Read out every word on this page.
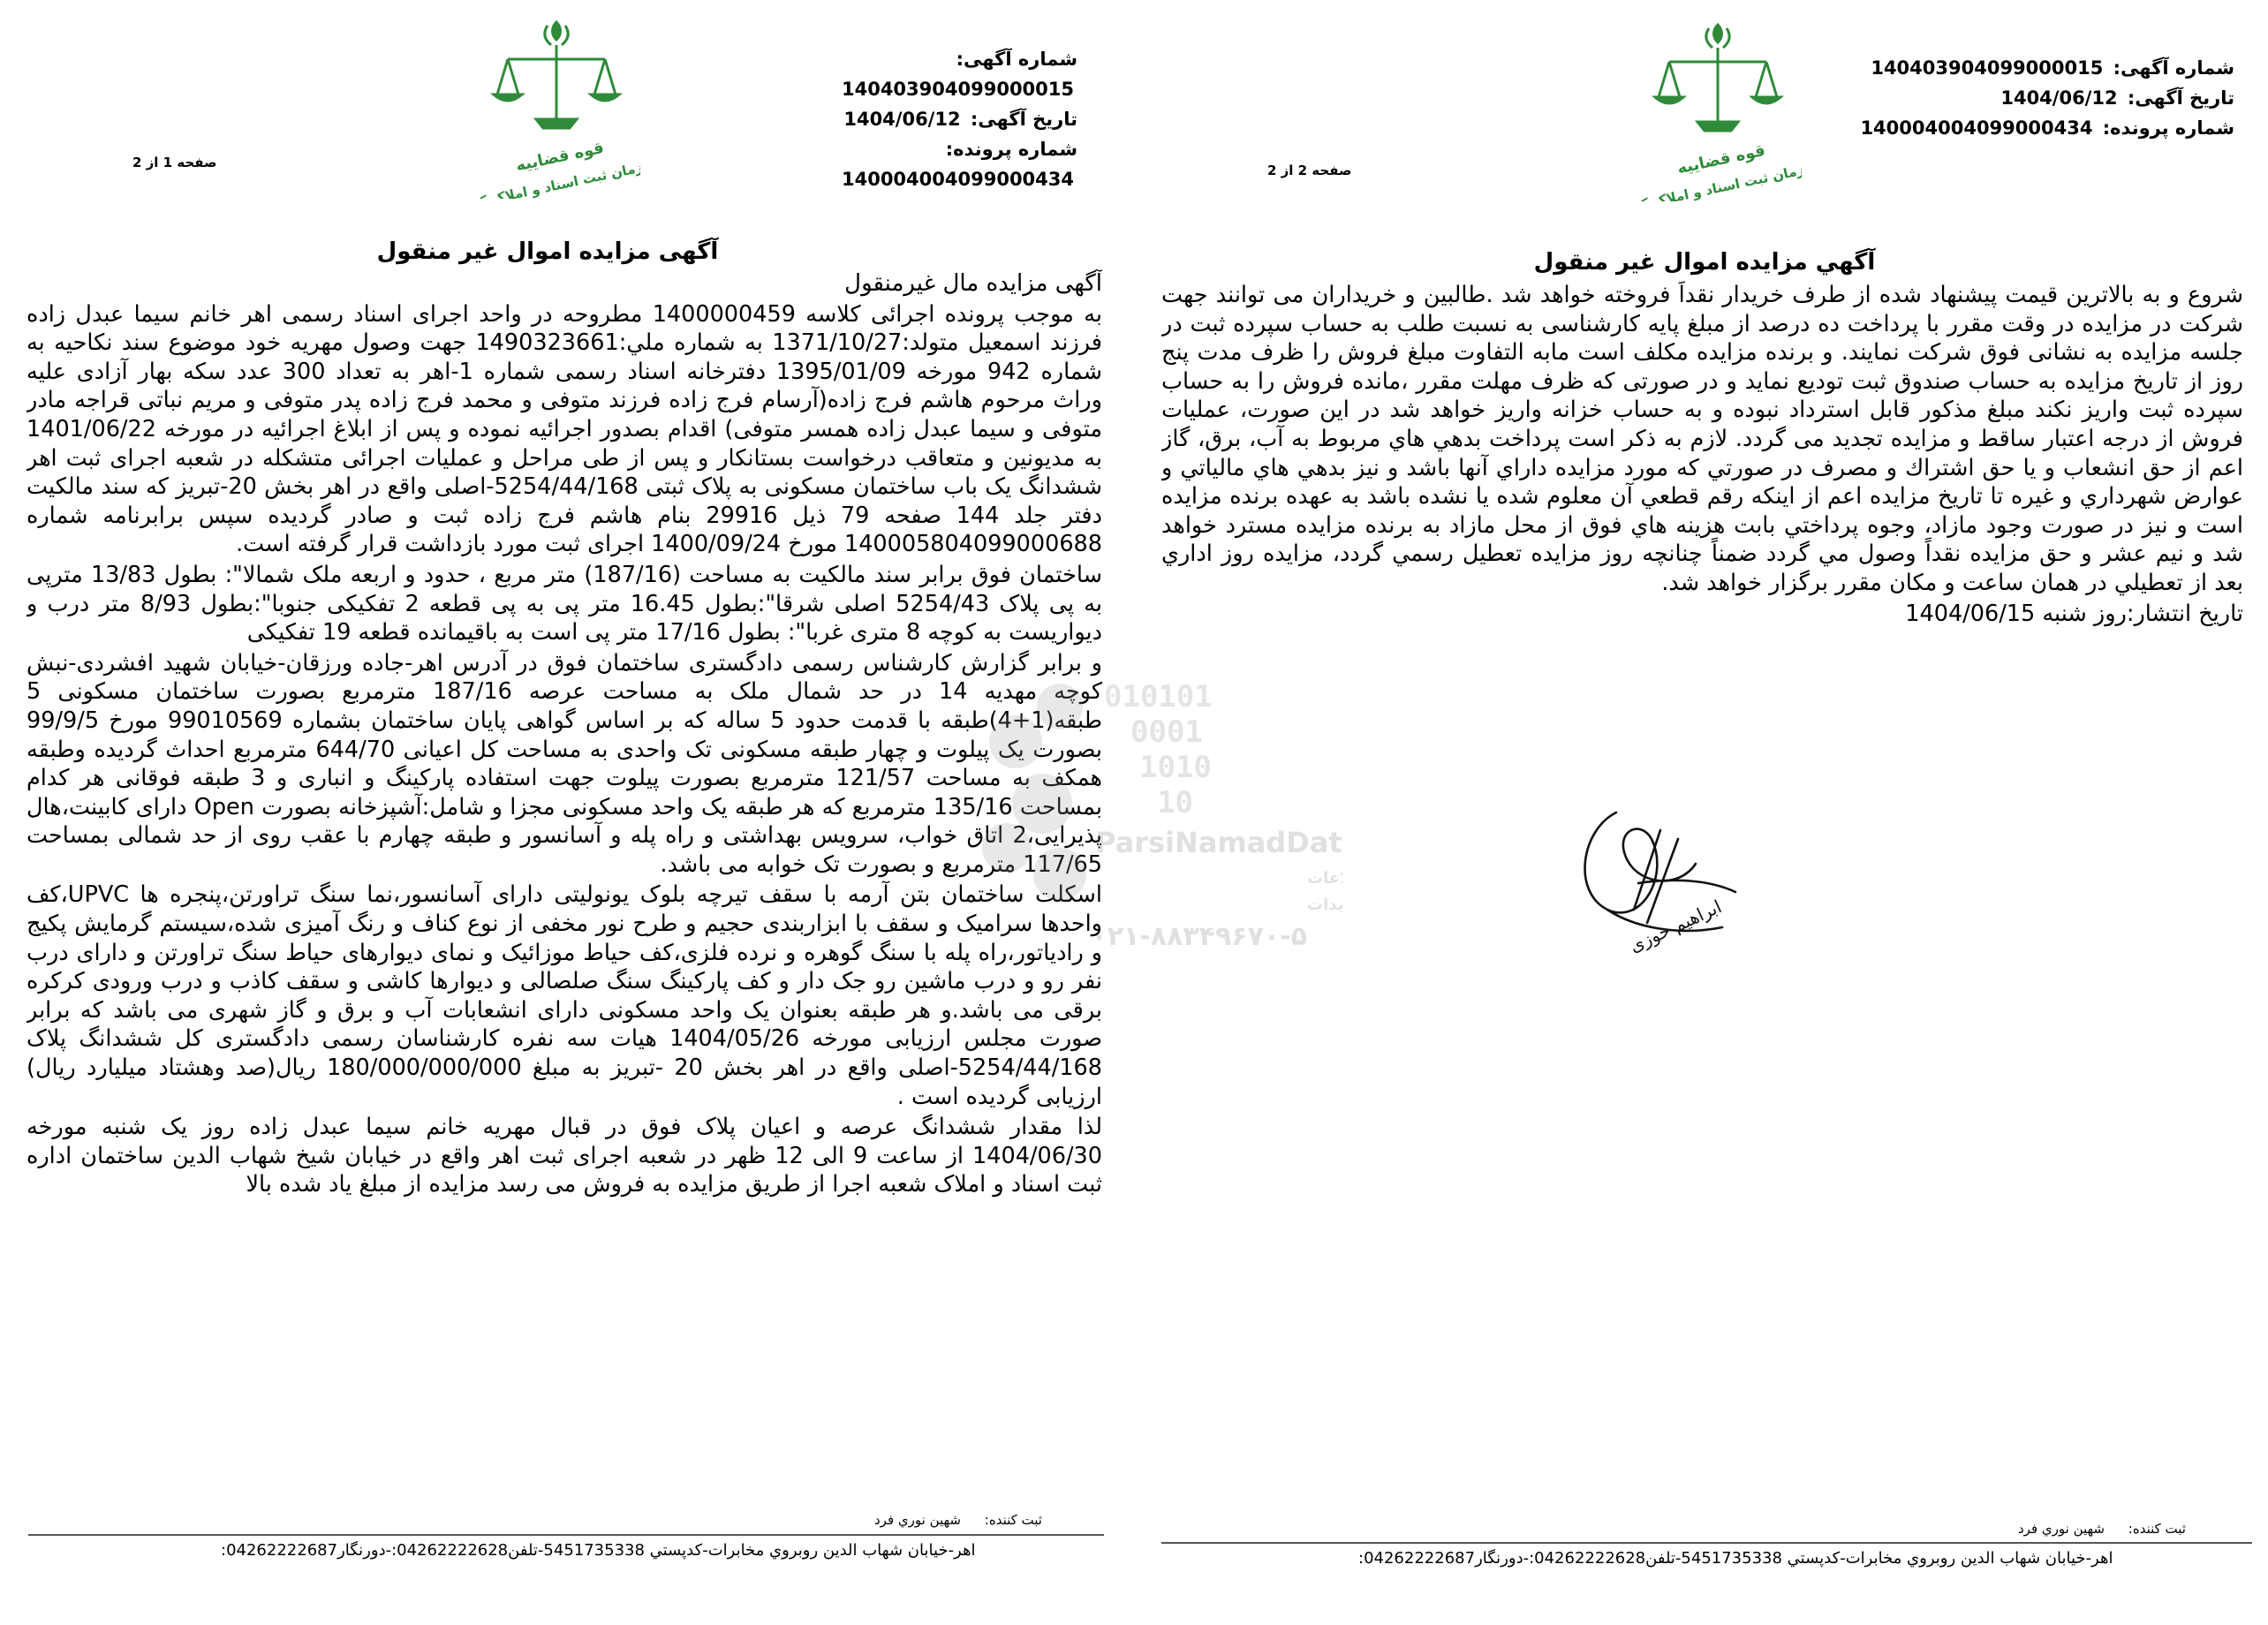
شماره آگهی: 140403904099000015
تاریخ آگهی: 1404/06/12
شماره پرونده: 140004004099000434
قوه قضاییه سازمان ثبت اسناد و املاک
صفحه 1 از 2
آگهی مزایده اموال غیر منقول

آگهی مزایده مال غیرمنقول

به موجب پرونده اجرائی کلاسه 1400000459 مطروحه در واحد اجرای اسناد رسمی اهر خانم سیما عبدل زاده فرزند اسمعیل متولد:1371/10/27 به شماره ملي:1490323661 جهت وصول مهریه خود موضوع سند نکاحیه به شماره 942 مورخه 1395/01/09 دفترخانه اسناد رسمی شماره 1-اهر به تعداد 300 عدد سکه بهار آزادی علیه وراث مرحوم هاشم فرج زاده(آرسام فرج زاده فرزند متوفی و محمد فرج زاده پدر متوفی و مریم نباتی قراجه مادر متوفی و سیما عبدل زاده همسر متوفی) اقدام بصدور اجرائیه نموده و پس از ابلاغ اجرائیه در مورخه 1401/06/22 به مدیونین و متعاقب درخواست بستانکار و پس از طی مراحل و عملیات اجرائی متشکله در شعبه اجرای ثبت اهر ششدانگ یک باب ساختمان مسکونی به پلاک ثبتی 5254/44/168-اصلی واقع در اهر بخش 20-تبریز که سند مالکیت دفتر جلد 144 صفحه 79 ذیل 29916 بنام هاشم فرج زاده ثبت و صادر گردیده سپس برابرنامه شماره 140005804099000688 مورخ 1400/09/24 اجرای ثبت مورد بازداشت قرار گرفته است.

ساختمان فوق برابر سند مالکیت به مساحت (187/16) متر مربع ، حدود و اربعه ملک شمالا": بطول 13/83 متر‌پی به پی پلاک 5254/43 اصلی شرقا":بطول 16.45 متر پی به پی قطعه 2 تفکیکی جنوبا":بطول 8/93 متر درب و دیواریست به کوچه 8 متری غربا": بطول 17/16 متر پی است به باقیمانده قطعه 19 تفکیکی

و برابر گزارش کارشناس رسمی دادگستری ساختمان فوق در آدرس اهر-جاده ورزقان-خیابان شهید افشردی-نبش کوچه مهدیه 14 در حد شمال ملک به مساحت عرصه 187/16 مترمربع بصورت ساختمان مسکونی 5 طبقه(1+4)طبقه با قدمت حدود 5 ساله که بر اساس گواهی پایان ساختمان بشماره 99010569 مورخ 99/9/5 بصورت یک پیلوت و چهار طبقه مسکونی تک واحدی به مساحت کل اعیانی 644/70 مترمربع احداث گردیده وطبقه همکف به مساحت 121/57 مترمربع بصورت پیلوت جهت استفاده پارکینگ و انباری و 3 طبقه فوقانی هر کدام بمساحت 135/16 مترمربع که هر طبقه یک واحد مسکونی مجزا و شامل:آشپزخانه بصورت Open دارای کابینت،هال پذیرایی،2 اتاق خواب، سرویس بهداشتی و راه پله و آسانسور و طبقه چهارم با عقب روی از حد شمالی بمساحت 117/65 مترمربع و بصورت تک خوابه می باشد.

اسکلت ساختمان بتن آرمه با سقف تیرچه بلوک یونولیتی دارای آسانسور،نما سنگ تراورتن،پنجره ها UPVC،کف واحدها سرامیک و سقف با ابزاربندی حجیم و طرح نور مخفی از نوع کناف و رنگ آمیزی شده،سیستم گرمایش پکیج و رادیاتور،راه پله با سنگ گوهره و نرده فلزی،کف حیاط موزائیک و نمای دیوارهای حیاط سنگ تراورتن و دارای درب نفر رو و درب ماشین رو جک دار و کف پارکینگ سنگ صلصالی و دیوارها کاشی و سقف کاذب و درب ورودی کرکره برقی می باشد.و هر طبقه بعنوان یک واحد مسکونی دارای انشعابات آب و برق و گاز شهری می باشد که برابر صورت مجلس ارزیابی مورخه 1404/05/26 هیات سه نفره کارشناسان رسمی دادگستری کل ششدانگ پلاک 5254/44/168-اصلی واقع در اهر بخش 20 -تبریز به مبلغ 180/000/000/000 ریال(صد وهشتاد میلیارد ریال) ارزیابی گردیده است .

لذا مقدار ششدانگ عرصه و اعیان پلاک فوق در قبال مهریه خانم سیما عبدل زاده روز یک شنبه مورخه 1404/06/30 از ساعت 9 الی 12 ظهر در شعبه اجرای ثبت اهر واقع در خیابان شیخ شهاب الدین ساختمان اداره ثبت اسناد و املاک شعبه اجرا از طریق مزایده به فروش می رسد مزایده از مبلغ یاد شده بالا

ثبت کننده: شهین نوري فرد
اهر-خیابان شهاب الدین روبروي مخابرات-کدپستي 5451735338-تلفن04262222628:-دورنگار04262222687:
شماره آگهی: 140403904099000015
تاریخ آگهی: 1404/06/12
شماره پرونده: 140004004099000434
قوه قضاییه سازمان ثبت اسناد و املاک
صفحه 2 از 2
آگهي مزایده اموال غیر منقول

شروع و به بالاترین قیمت پیشنهاد شده از طرف خریدار نقداً فروخته خواهد شد .طالبین و خریداران می توانند جهت شرکت در مزایده در وقت مقرر با پرداخت ده درصد از مبلغ پایه کارشناسی به نسبت طلب به حساب سپرده ثبت در جلسه مزایده به نشانی فوق شرکت نمایند. و برنده مزایده مکلف است مابه التفاوت مبلغ فروش را ظرف مدت پنج روز از تاریخ مزایده به حساب صندوق ثبت تودیع نماید و در صورتی که ظرف مهلت مقرر ،مانده فروش را به حساب سپرده ثبت واریز نکند مبلغ مذکور قابل استرداد نبوده و به حساب خزانه واریز خواهد شد در این صورت، عملیات فروش از درجه اعتبار ساقط و مزایده تجدید می گردد. لازم به ذکر است پرداخت بدهي هاي مربوط به آب، برق، گاز اعم از حق انشعاب و یا حق اشتراك و مصرف در صورتي كه مورد مزایده داراي آنها باشد و نیز بدهي هاي مالیاتي و عوارض شهرداري و غیره تا تاریخ مزایده اعم از اینكه رقم قطعي آن معلوم شده یا نشده باشد به عهده برنده مزایده است و نیز در صورت وجود مازاد، وجوه پرداختي بابت هزینه هاي فوق از محل مازاد به برنده مزایده مسترد خواهد شد و نیم عشر و حق مزایده نقداً وصول مي گردد ضمناً چنانچه روز مزایده تعطیل رسمي گردد، مزایده روز اداري بعد از تعطیلي در همان ساعت و مكان مقرر برگزار خواهد شد.

تاریخ انتشار:روز شنبه 1404/06/15

ابراهیم خوزی
ثبت کننده: شهین نوري فرد
اهر-خیابان شهاب الدین روبروي مخابرات-کدپستي 5451735338-تلفن04262222628:-دورنگار04262222687:
010101
0001
1010
10
ParsiNamadData
اعات
یدات
۰۲۱-۸۸۳۴۹۶۷۰-۵
